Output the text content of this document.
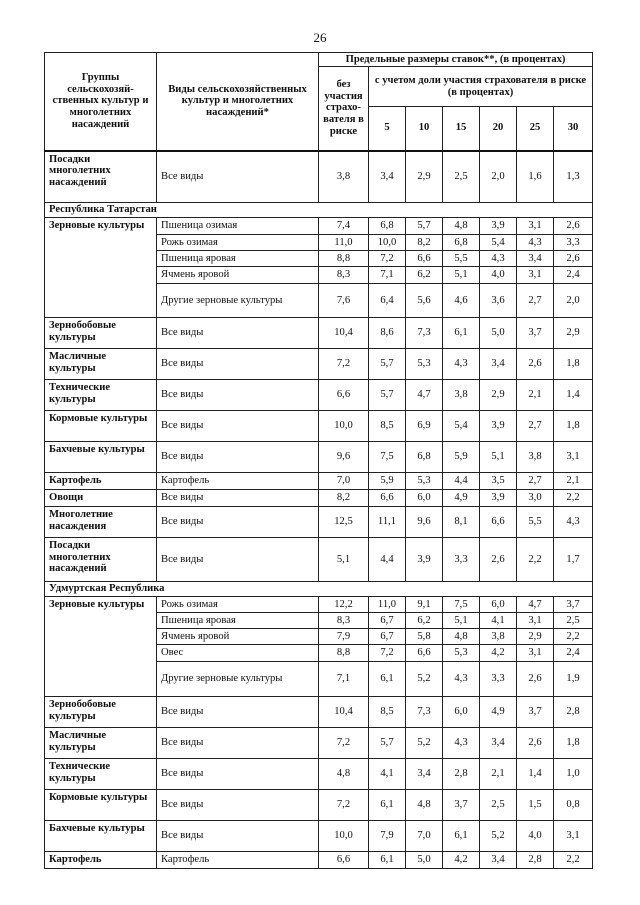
26
Группы сельскохозяй-ственных культур и многолетних насаждений	Виды сельскохозяйственных культур и многолетних насаждений*	Предельные размеры ставок**, (в процентах)						
		без участия страхо-вателя в риске	с учетом доли участия страхователя в риске (в процентах)					
			5	10	15	20	25	30
Посадки многолетних насаждений	Все виды	3,8	3,4	2,9	2,5	2,0	1,6	1,3
Республика Татарстан								
Зерновые культуры	Пшеница озимая	7,4	6,8	5,7	4,8	3,9	3,1	2,6
	Рожь озимая	11,0	10,0	8,2	6,8	5,4	4,3	3,3
	Пшеница яровая	8,8	7,2	6,6	5,5	4,3	3,4	2,6
	Ячмень яровой	8,3	7,1	6,2	5,1	4,0	3,1	2,4
	Другие зерновые культуры	7,6	6,4	5,6	4,6	3,6	2,7	2,0
Зернобобовые культуры	Все виды	10,4	8,6	7,3	6,1	5,0	3,7	2,9
Масличные культуры	Все виды	7,2	5,7	5,3	4,3	3,4	2,6	1,8
Технические культуры	Все виды	6,6	5,7	4,7	3,8	2,9	2,1	1,4
Кормовые культуры	Все виды	10,0	8,5	6,9	5,4	3,9	2,7	1,8
Бахчевые культуры	Все виды	9,6	7,5	6,8	5,9	5,1	3,8	3,1
Картофель	Картофель	7,0	5,9	5,3	4,4	3,5	2,7	2,1
Овощи	Все виды	8,2	6,6	6,0	4,9	3,9	3,0	2,2
Многолетние насаждения	Все виды	12,5	11,1	9,6	8,1	6,6	5,5	4,3
Посадки многолетних насаждений	Все виды	5,1	4,4	3,9	3,3	2,6	2,2	1,7
Удмуртская Республика								
Зерновые культуры	Рожь озимая	12,2	11,0	9,1	7,5	6,0	4,7	3,7
	Пшеница яровая	8,3	6,7	6,2	5,1	4,1	3,1	2,5
	Ячмень яровой	7,9	6,7	5,8	4,8	3,8	2,9	2,2
	Овес	8,8	7,2	6,6	5,3	4,2	3,1	2,4
	Другие зерновые культуры	7,1	6,1	5,2	4,3	3,3	2,6	1,9
Зернобобовые культуры	Все виды	10,4	8,5	7,3	6,0	4,9	3,7	2,8
Масличные культуры	Все виды	7,2	5,7	5,2	4,3	3,4	2,6	1,8
Технические культуры	Все виды	4,8	4,1	3,4	2,8	2,1	1,4	1,0
Кормовые культуры	Все виды	7,2	6,1	4,8	3,7	2,5	1,5	0,8
Бахчевые культуры	Все виды	10,0	7,9	7,0	6,1	5,2	4,0	3,1
Картофель	Картофель	6,6	6,1	5,0	4,2	3,4	2,8	2,2
